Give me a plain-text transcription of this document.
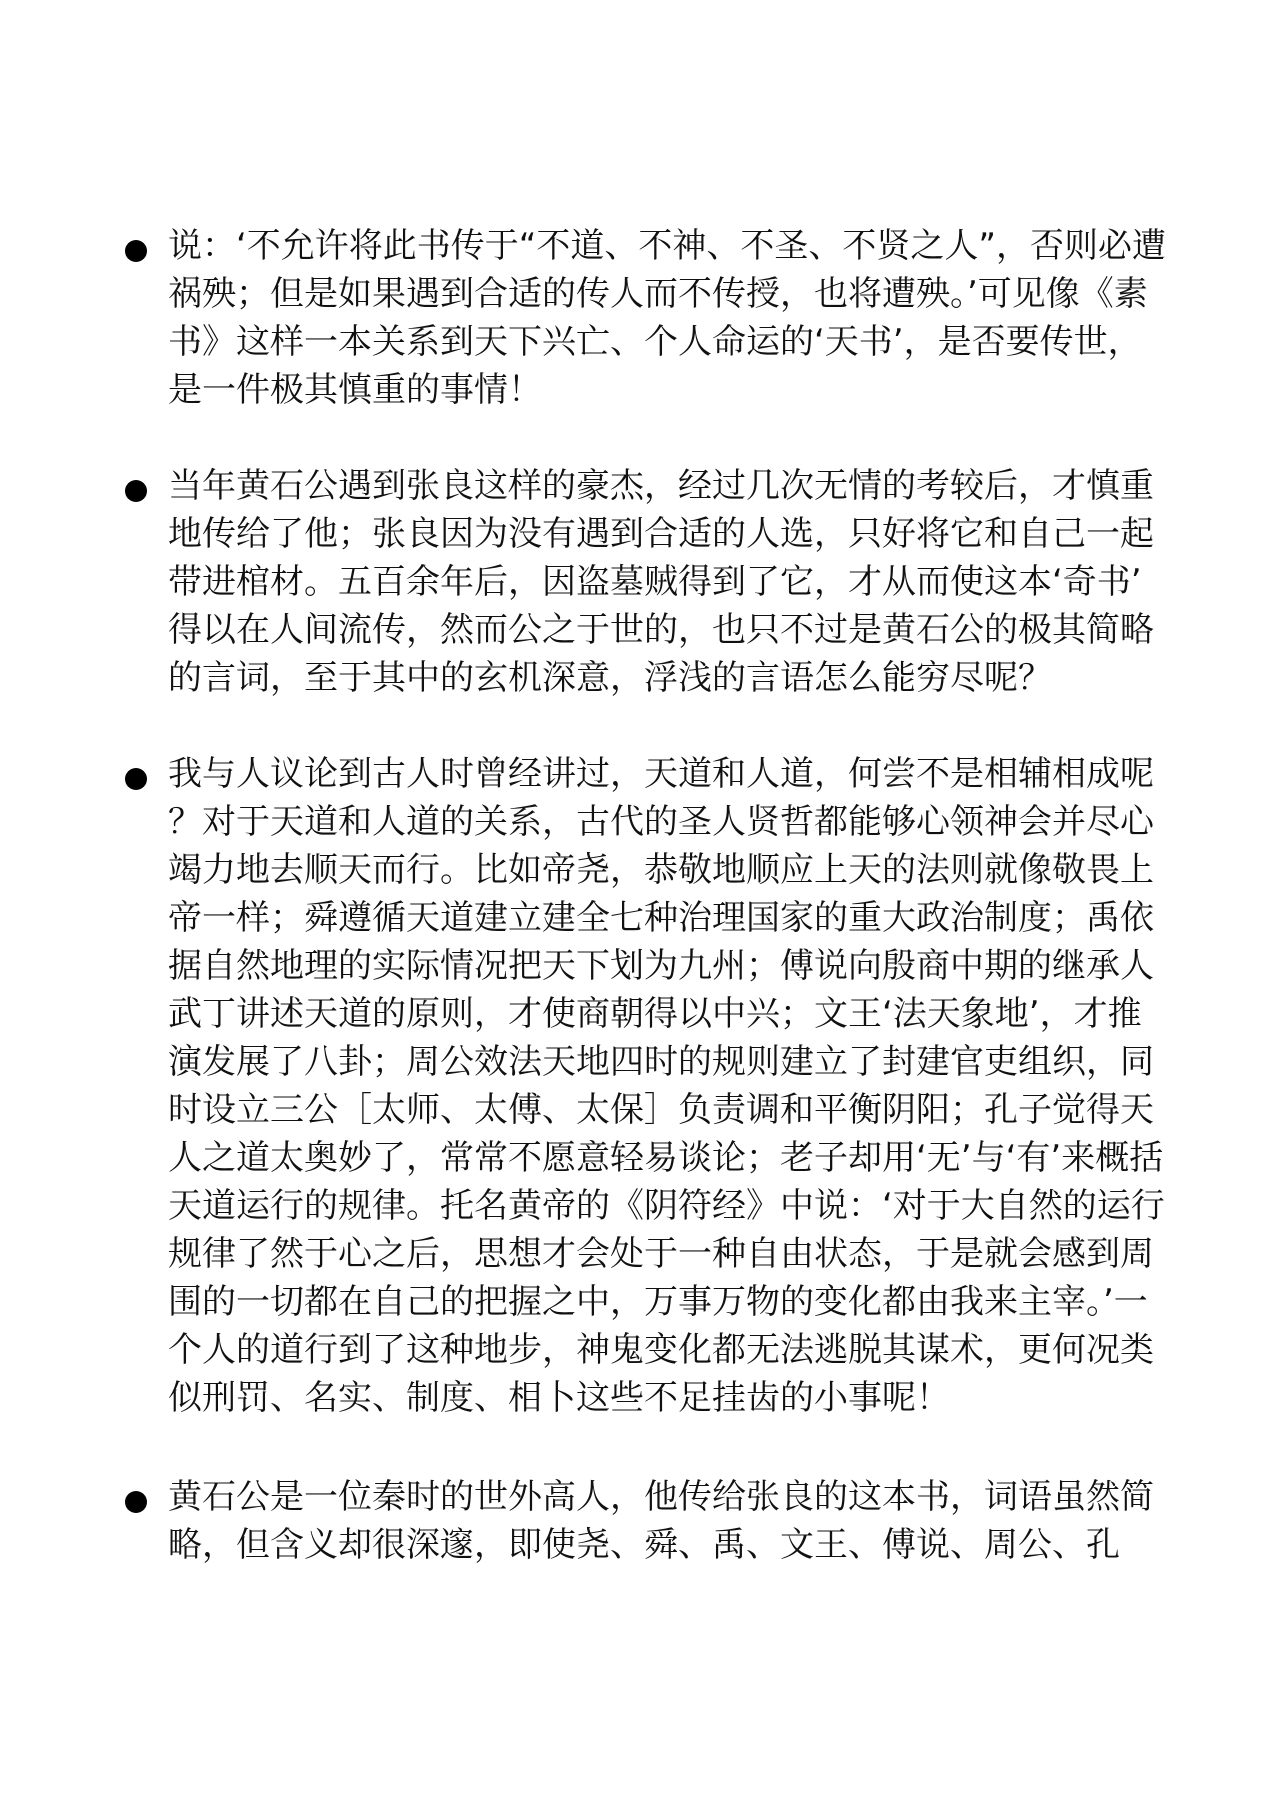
说：‘不允许将此书传于“不道、不神、不圣、不贤之人”，否则必遭
祸殃；但是如果遇到合适的传人而不传授，也将遭殃。’可见像《素
书》这样一本关系到天下兴亡、个人命运的‘天书’，是否要传世，
是一件极其慎重的事情！
当年黄石公遇到张良这样的豪杰，经过几次无情的考较后，才慎重
地传给了他；张良因为没有遇到合适的人选，只好将它和自己一起
带进棺材。五百余年后，因盗墓贼得到了它，才从而使这本‘奇书’
得以在人间流传，然而公之于世的，也只不过是黄石公的极其简略
的言词，至于其中的玄机深意，浮浅的言语怎么能穷尽呢？
我与人议论到古人时曾经讲过，天道和人道，何尝不是相辅相成呢
？对于天道和人道的关系，古代的圣人贤哲都能够心领神会并尽心
竭力地去顺天而行。比如帝尧，恭敬地顺应上天的法则就像敬畏上
帝一样；舜遵循天道建立建全七种治理国家的重大政治制度；禹依
据自然地理的实际情况把天下划为九州；傅说向殷商中期的继承人
武丁讲述天道的原则，才使商朝得以中兴；文王‘法天象地’，才推
演发展了八卦；周公效法天地四时的规则建立了封建官吏组织，同
时设立三公［太师、太傅、太保］负责调和平衡阴阳；孔子觉得天
人之道太奥妙了，常常不愿意轻易谈论；老子却用‘无’与‘有’来概括
天道运行的规律。托名黄帝的《阴符经》中说：‘对于大自然的运行
规律了然于心之后，思想才会处于一种自由状态，于是就会感到周
围的一切都在自己的把握之中，万事万物的变化都由我来主宰。’一
个人的道行到了这种地步，神鬼变化都无法逃脱其谋术，更何况类
似刑罚、名实、制度、相卜这些不足挂齿的小事呢！
黄石公是一位秦时的世外高人，他传给张良的这本书，词语虽然简
略，但含义却很深邃，即使尧、舜、禹、文王、傅说、周公、孔
